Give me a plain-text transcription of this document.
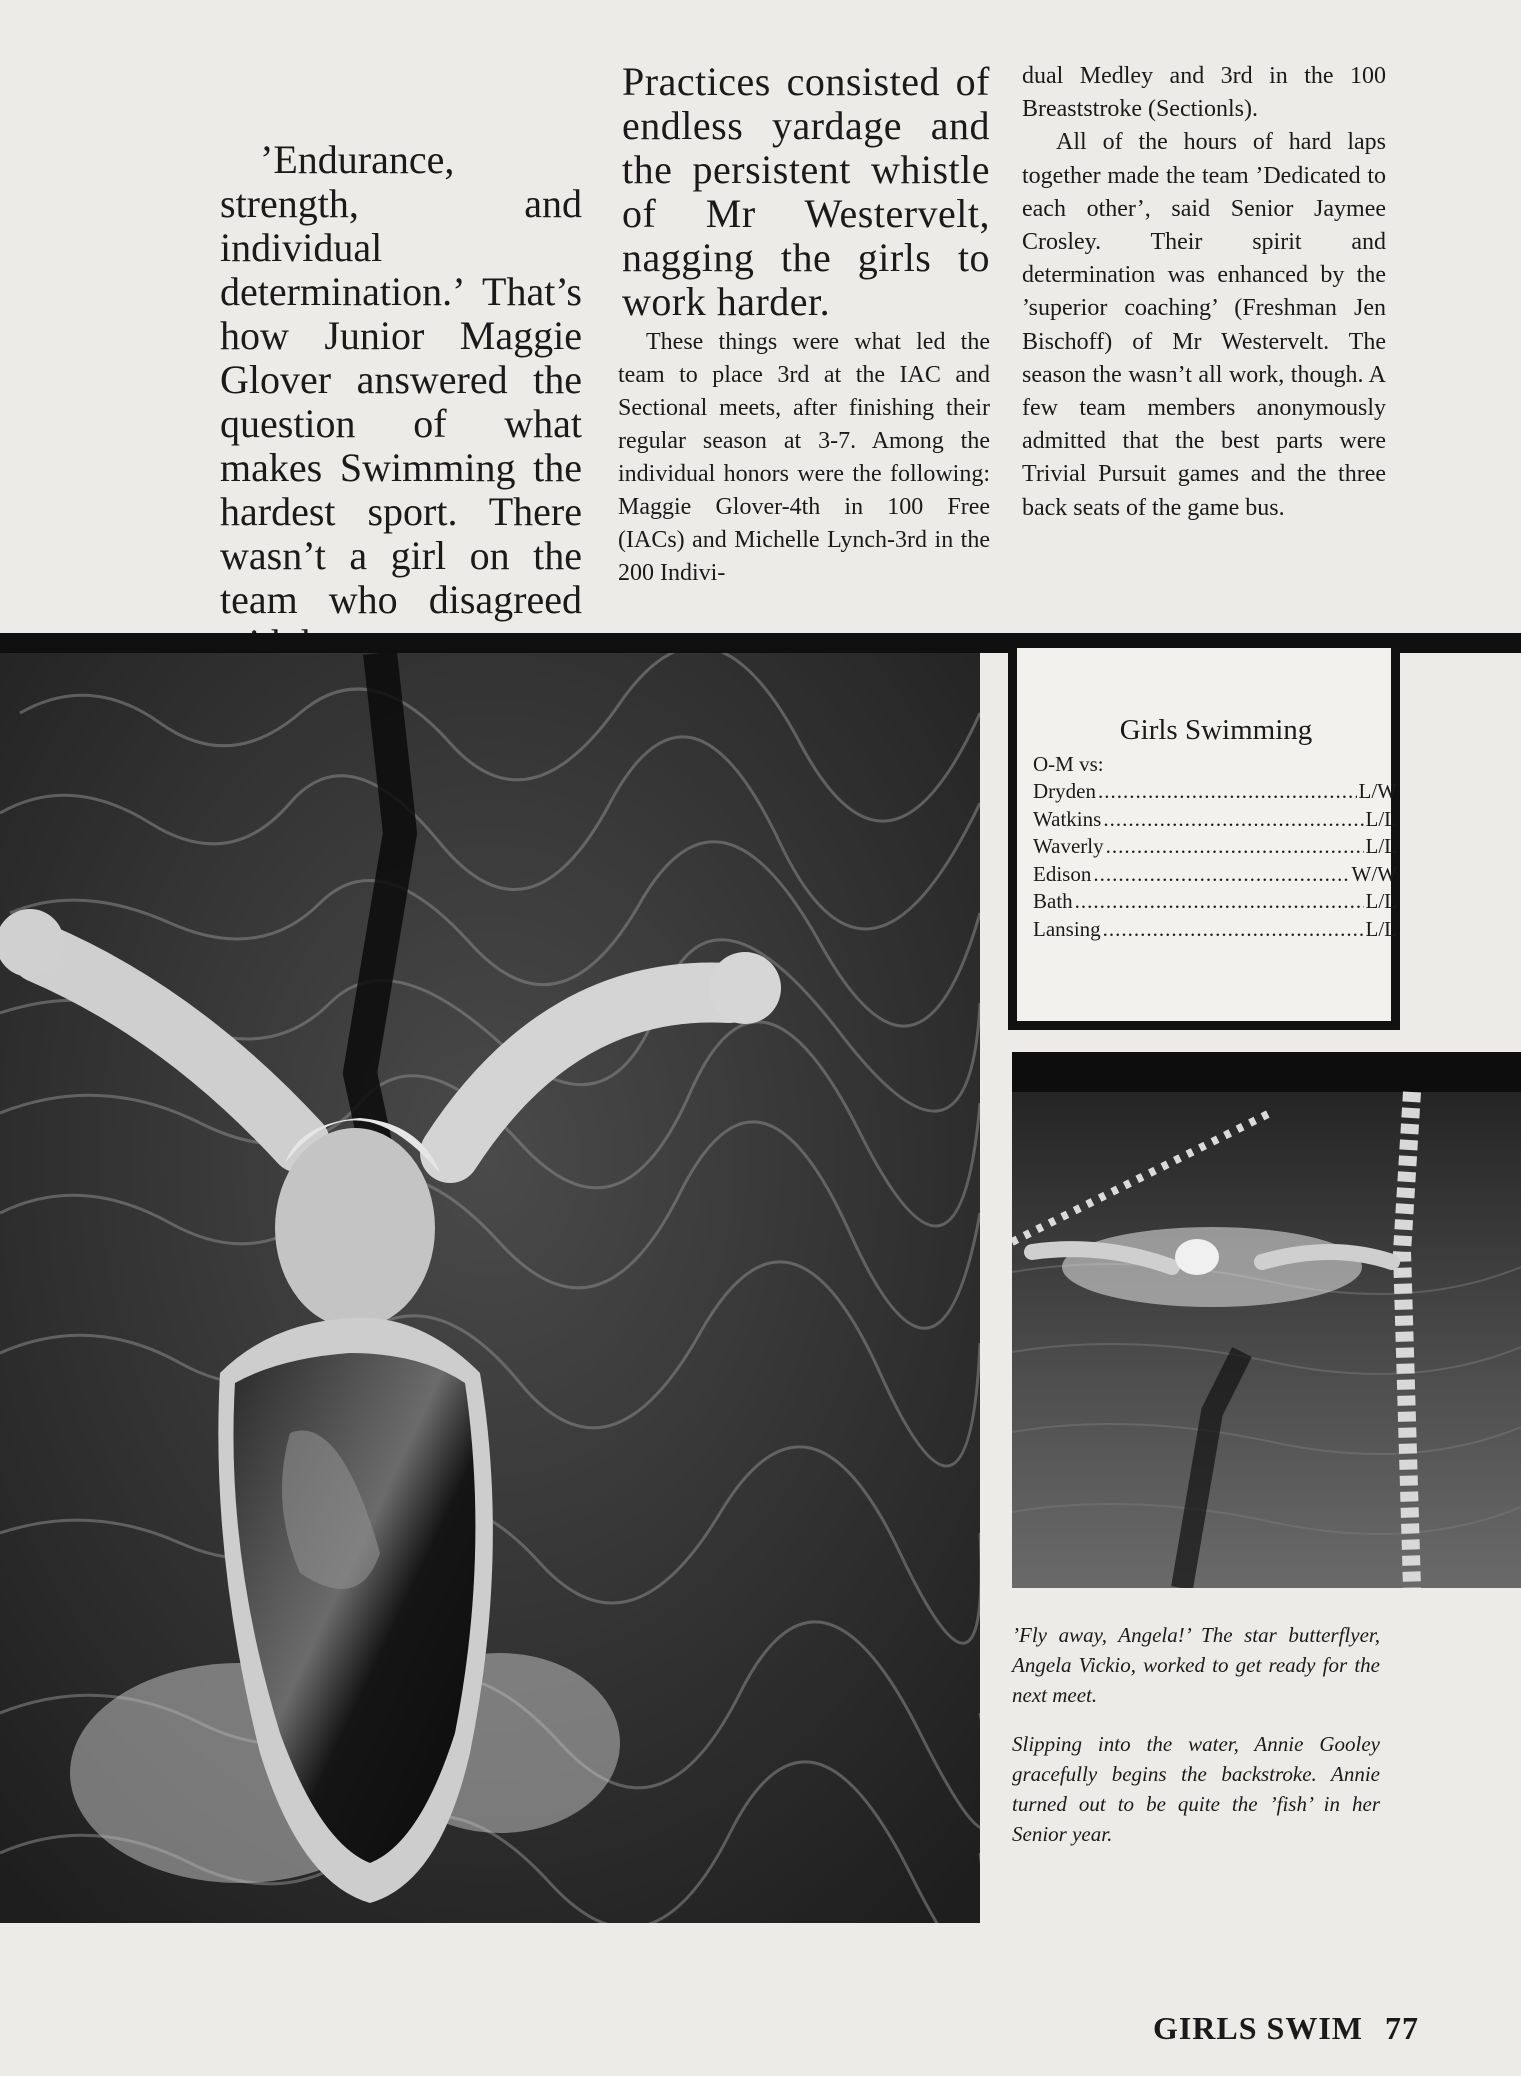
’Endurance, strength, and individual determination.’ That’s how Junior Maggie Glover answered the question of what makes Swimming the hardest sport. There wasn’t a girl on the team who disagreed

Practices consisted of endless yardage and the persistent whistle of Mr Westervelt, nagging the girls to work harder.

These things were what led the team to place 3rd at the IAC and Sectional meets, after finishing their regular season at 3-7. Among the individual honors were the following: Maggie Glover-4th in 100 Free (IACs) and Michelle Lynch-3rd in the 200 Indivi-

dual Medley and 3rd in the 100 Breaststroke (Sectionls).

All of the hours of hard laps together made the team ’Dedicated to each other’, said Senior Jaymee Crosley. Their spirit and determination was enhanced by the ’superior coaching’ (Freshman Jen Bischoff) of Mr Westervelt. The season the wasn’t all work, though. A few team members anonymously admitted that the best parts were Trivial Pursuit games and the three back seats of the game bus.

Girls Swimming
O-M vs:
Dryden .....	L/W
Watkins .....	L/L
Waverly .....	L/L
Edison .....	W/W
Bath .....	L/L
Lansing .....	L/L

’Fly away, Angela!’ The star butterflyer, Angela Vickio, worked to get ready for the next meet.

Slipping into the water, Annie Gooley gracefully begins the backstroke. Annie turned out to be quite the ’fish’ in her Senior year.

GIRLS SWIM 77
